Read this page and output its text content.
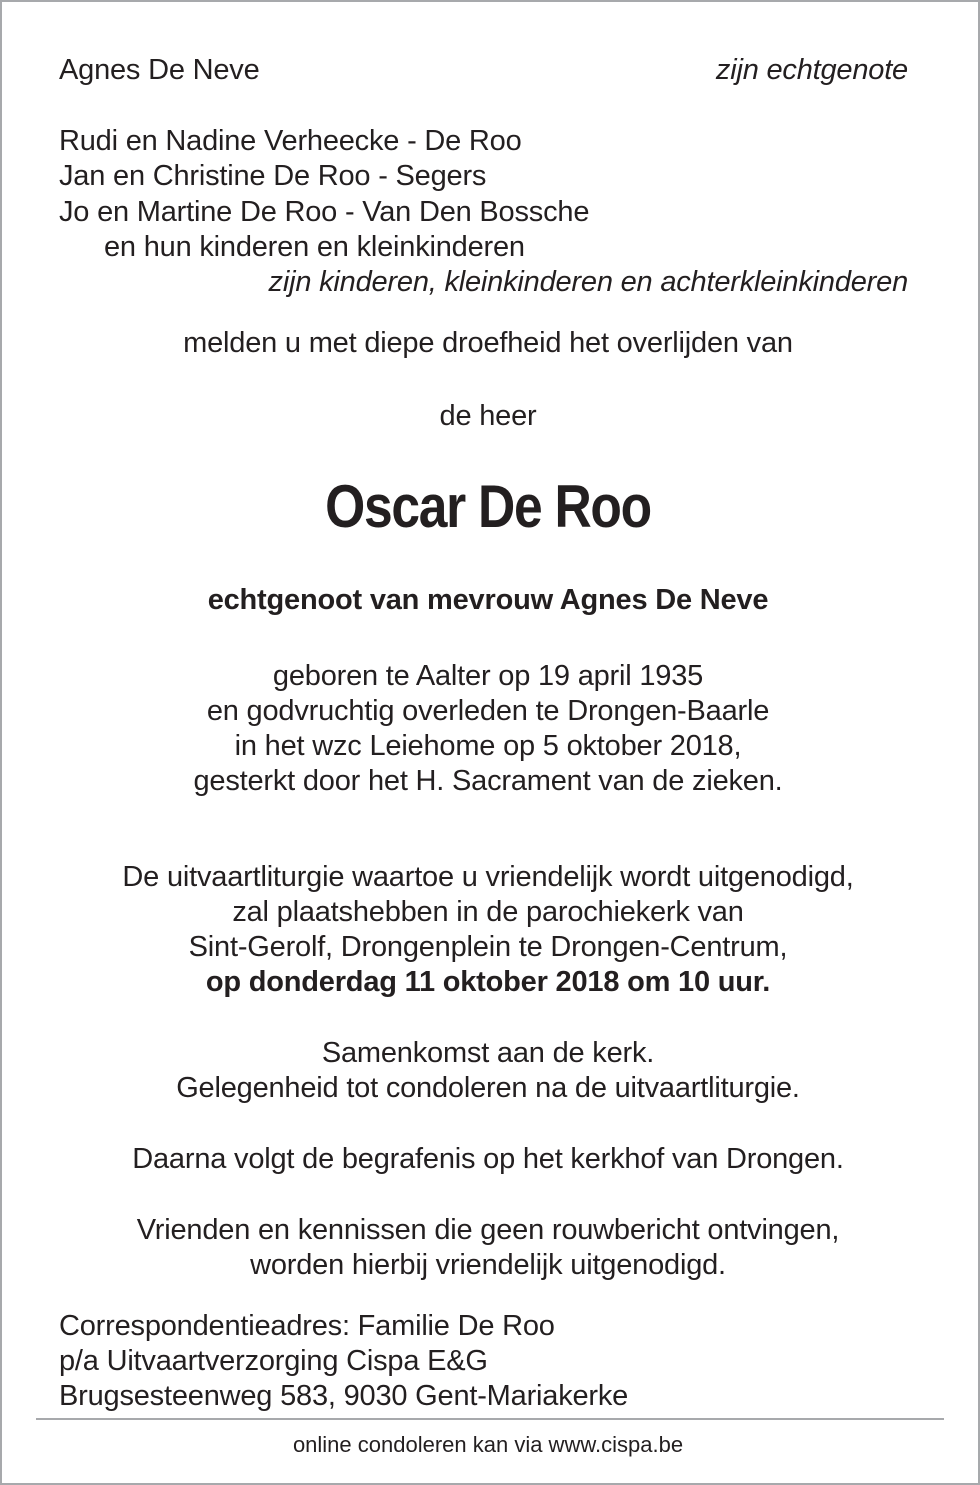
Agnes De Neve	zijn echtgenote
Rudi en Nadine Verheecke - De Roo
Jan en Christine De Roo - Segers
Jo en Martine De Roo - Van Den Bossche
en hun kinderen en kleinkinderen
zijn kinderen, kleinkinderen en achterkleinkinderen
melden u met diepe droefheid het overlijden van
de heer
Oscar De Roo
echtgenoot van mevrouw Agnes De Neve
geboren te Aalter op 19 april 1935
en godvruchtig overleden te Drongen-Baarle
in het wzc Leiehome op 5 oktober 2018,
gesterkt door het H. Sacrament van de zieken.
De uitvaartliturgie waartoe u vriendelijk wordt uitgenodigd,
zal plaatshebben in de parochiekerk van
Sint-Gerolf, Drongenplein te Drongen-Centrum,
op donderdag 11 oktober 2018 om 10 uur.
Samenkomst aan de kerk.
Gelegenheid tot condoleren na de uitvaartliturgie.
Daarna volgt de begrafenis op het kerkhof van Drongen.
Vrienden en kennissen die geen rouwbericht ontvingen,
worden hierbij vriendelijk uitgenodigd.
Correspondentieadres: Familie De Roo
p/a Uitvaartverzorging Cispa E&G
Brugsesteenweg 583, 9030 Gent-Mariakerke
online condoleren kan via www.cispa.be
